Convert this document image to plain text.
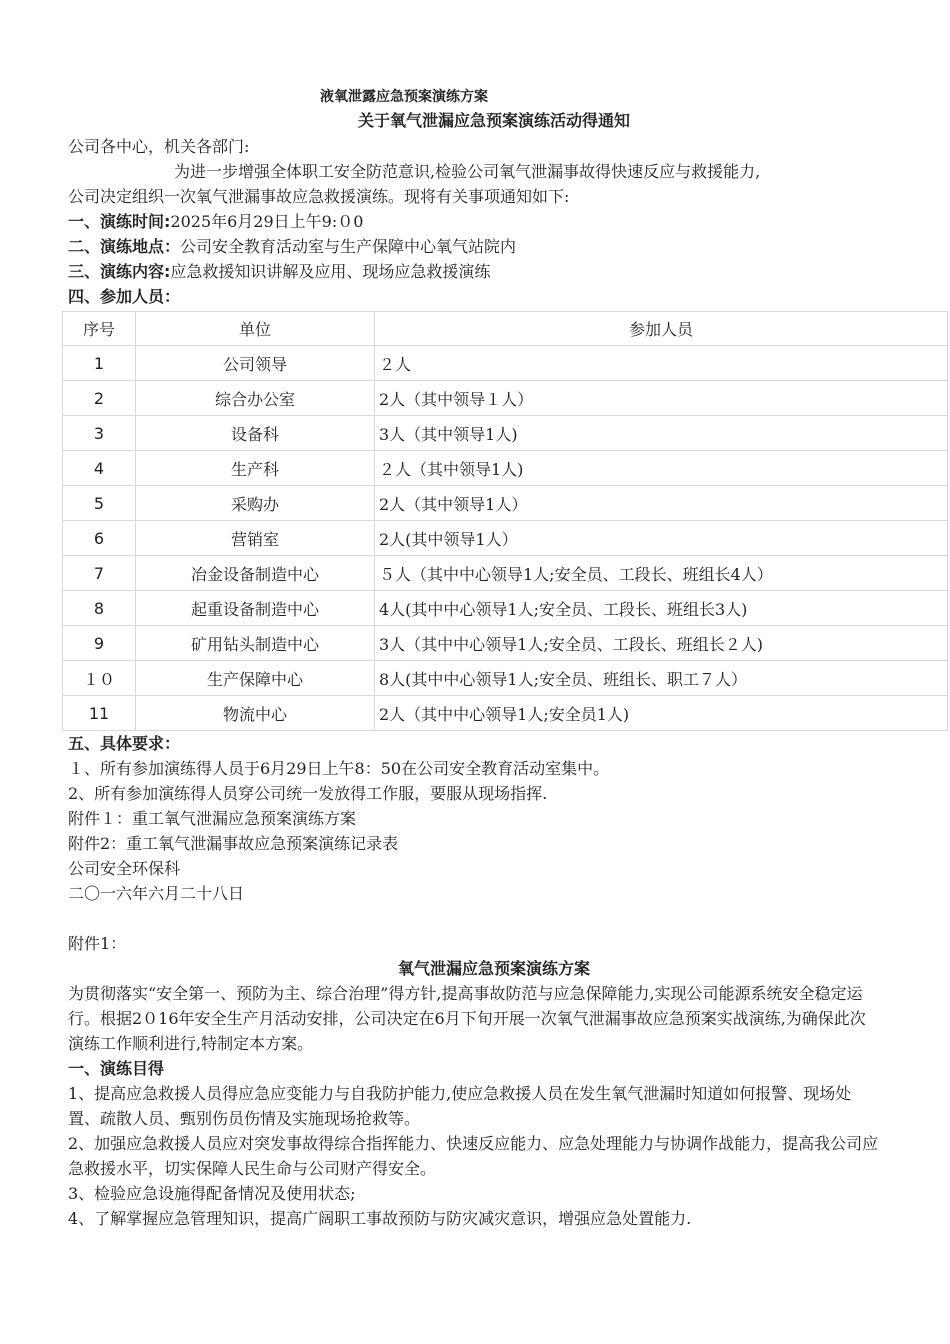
液氧泄露应急预案演练方案
关于氧气泄漏应急预案演练活动得通知
公司各中心，机关各部门:
为进一步增强全体职工安全防范意识,检验公司氧气泄漏事故得快速反应与救援能力,
公司决定组织一次氧气泄漏事故应急救援演练。现将有关事项通知如下:
一、演练时间:2025年6月29日上午9:０0
二、演练地点：公司安全教育活动室与生产保障中心氧气站院内
三、演练内容:应急救援知识讲解及应用、现场应急救援演练
四、参加人员：
序号	单位	参加人员
1	公司领导	２人
2	综合办公室	2人（其中领导１人）
3	设备科	3人（其中领导1人)
4	生产科	２人（其中领导1人)
5	采购办	2人（其中领导1人）
6	营销室	2人(其中领导1人）
7	冶金设备制造中心	５人（其中中心领导1人;安全员、工段长、班组长4人）
8	起重设备制造中心	4人(其中中心领导1人;安全员、工段长、班组长3人)
9	矿用钻头制造中心	3人（其中中心领导1人;安全员、工段长、班组长２人)
１０	生产保障中心	8人(其中中心领导1人;安全员、班组长、职工７人）
11	物流中心	2人（其中中心领导1人;安全员1人)
五、具体要求：
１、所有参加演练得人员于6月29日上午8：50在公司安全教育活动室集中。
2、所有参加演练得人员穿公司统一发放得工作服，要服从现场指挥.
附件１：重工氧气泄漏应急预案演练方案
附件2：重工氧气泄漏事故应急预案演练记录表
公司安全环保科
二〇一六年六月二十八日
附件1：
氧气泄漏应急预案演练方案
为贯彻落实“安全第一、预防为主、综合治理”得方针,提高事故防范与应急保障能力,实现公司能源系统安全稳定运行。根据2０16年安全生产月活动安排，公司决定在6月下旬开展一次氧气泄漏事故应急预案实战演练,为确保此次演练工作顺利进行,特制定本方案。
一、演练目得
1、提高应急救援人员得应急应变能力与自我防护能力,使应急救援人员在发生氧气泄漏时知道如何报警、现场处置、疏散人员、甄别伤员伤情及实施现场抢救等。
2、加强应急救援人员应对突发事故得综合指挥能力、快速反应能力、应急处理能力与协调作战能力，提高我公司应急救援水平，切实保障人民生命与公司财产得安全。
3、检验应急设施得配备情况及使用状态;
4、了解掌握应急管理知识，提高广阔职工事故预防与防灾减灾意识，增强应急处置能力.
